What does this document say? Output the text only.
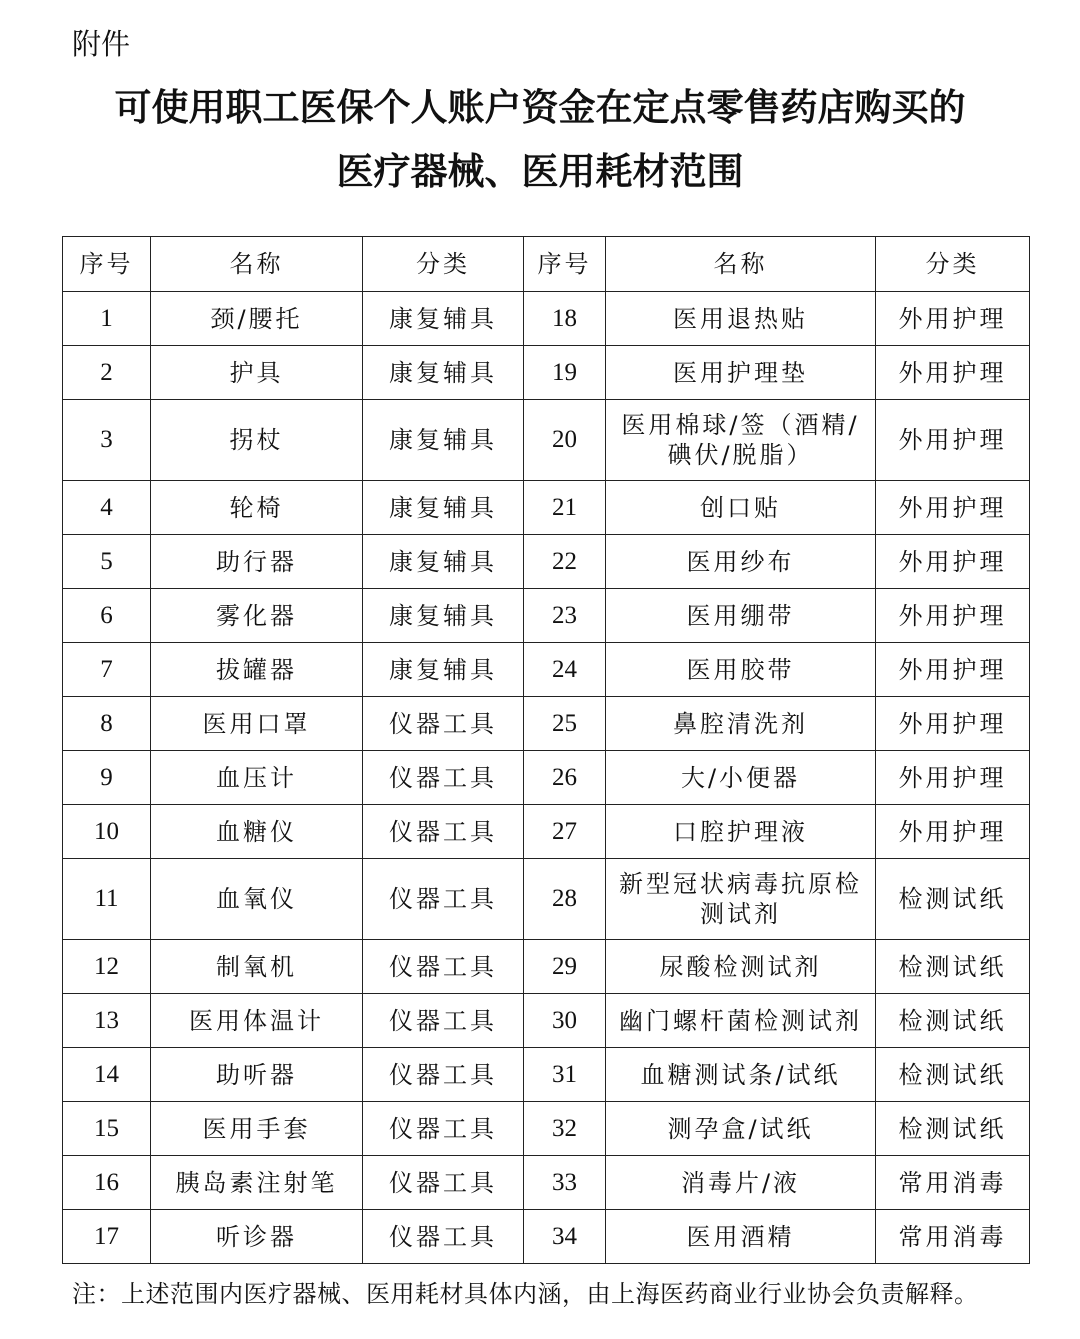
附件
可使用职工医保个人账户资金在定点零售药店购买的
医疗器械、医用耗材范围
序号	名称	分类	序号	名称	分类
1	颈/腰托	康复辅具	18	医用退热贴	外用护理
2	护具	康复辅具	19	医用护理垫	外用护理
3	拐杖	康复辅具	20	医用棉球/签（酒精/碘伏/脱脂）	外用护理
4	轮椅	康复辅具	21	创口贴	外用护理
5	助行器	康复辅具	22	医用纱布	外用护理
6	雾化器	康复辅具	23	医用绷带	外用护理
7	拔罐器	康复辅具	24	医用胶带	外用护理
8	医用口罩	仪器工具	25	鼻腔清洗剂	外用护理
9	血压计	仪器工具	26	大/小便器	外用护理
10	血糖仪	仪器工具	27	口腔护理液	外用护理
11	血氧仪	仪器工具	28	新型冠状病毒抗原检测试剂	检测试纸
12	制氧机	仪器工具	29	尿酸检测试剂	检测试纸
13	医用体温计	仪器工具	30	幽门螺杆菌检测试剂	检测试纸
14	助听器	仪器工具	31	血糖测试条/试纸	检测试纸
15	医用手套	仪器工具	32	测孕盒/试纸	检测试纸
16	胰岛素注射笔	仪器工具	33	消毒片/液	常用消毒
17	听诊器	仪器工具	34	医用酒精	常用消毒
注：上述范围内医疗器械、医用耗材具体内涵，由上海医药商业行业协会负责解释。
